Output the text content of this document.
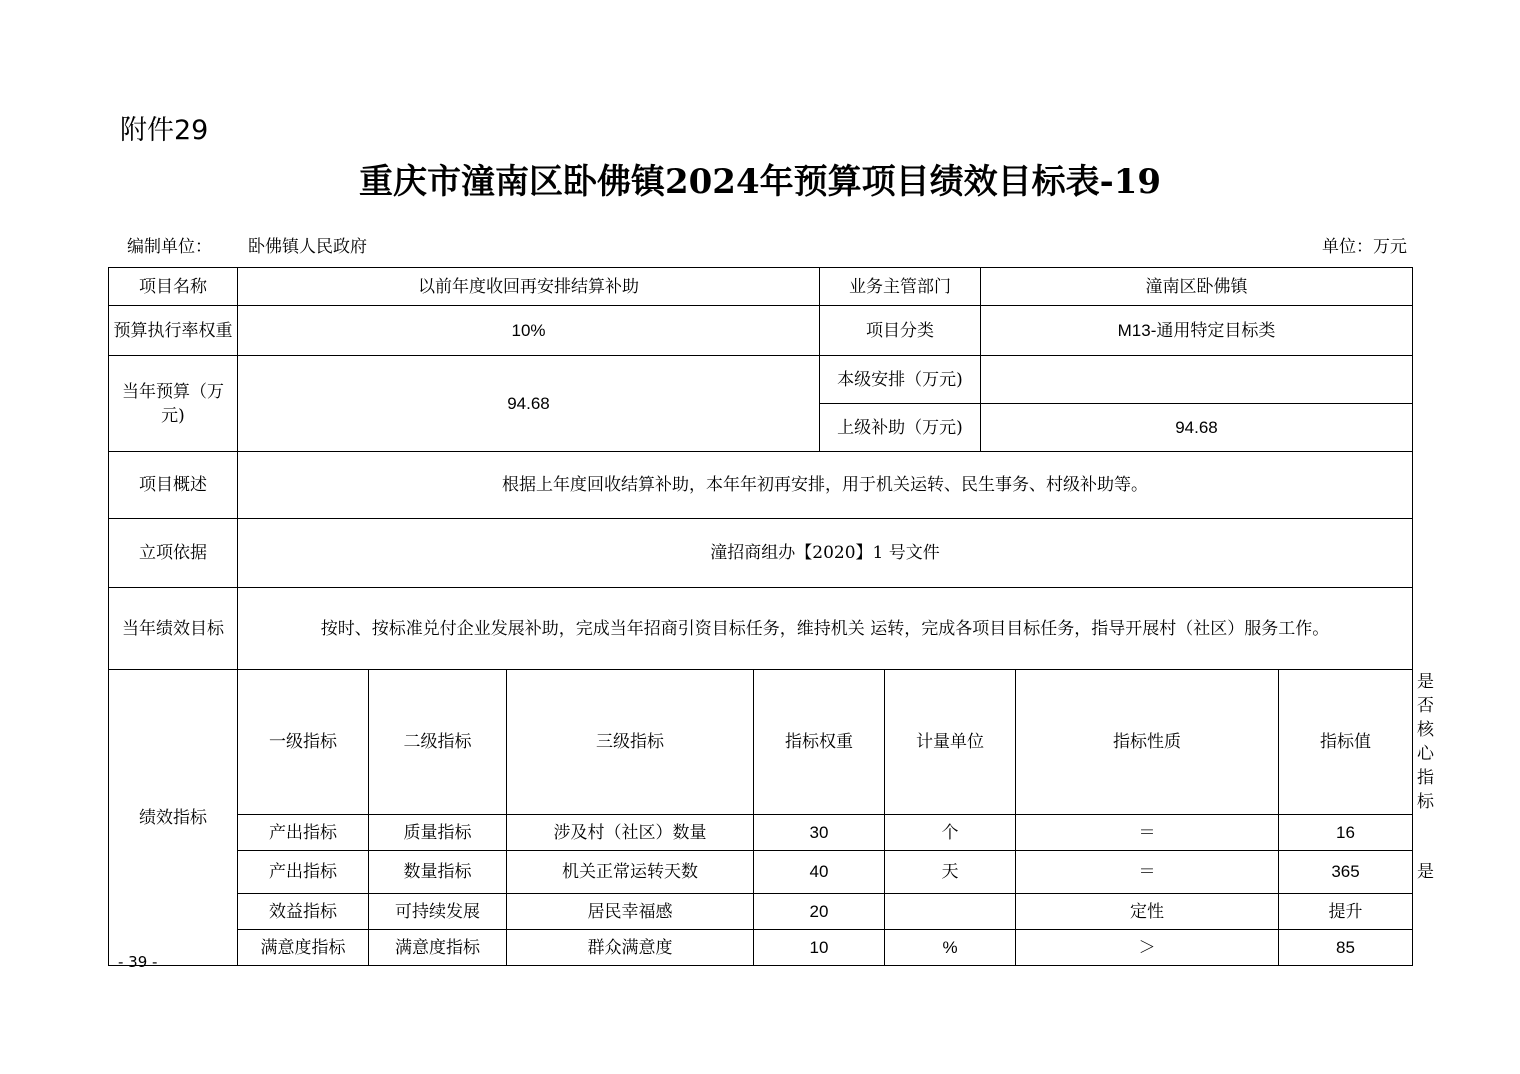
附件29
重庆市潼南区卧佛镇2024年预算项目绩效目标表-19
编制单位： 卧佛镇人民政府	单位：万元
项目名称	以前年度收回再安排结算补助				业务主管部门		潼南区卧佛镇			
预算执行率权重	10%				项目分类		M13-通用特定目标类			
当年预算（万元)	94.68				本级安排（万元)					
					上级补助（万元)		94.68			
项目概述	根据上年度回收结算补助，本年年初再安排，用于机关运转、民生事务、村级补助等。									
立项依据	潼招商组办【2020】1 号文件									
当年绩效目标	按时、按标准兑付企业发展补助，完成当年招商引资目标任务，维持机关 运转，完成各项目目标任务，指导开展村（社区）服务工作。									
绩效指标	一级指标	二级指标	三级指标	指标权重		计量单位		指标性质	指标值	是否核心指标
	产出指标	质量指标	涉及村（社区）数量	30		个		＝	16	
	产出指标	数量指标	机关正常运转天数	40		天		＝	365	是
	效益指标	可持续发展	居民幸福感	20				定性	提升	
	满意度指标	满意度指标	群众满意度	10		%		＞	85	
- 39 -
